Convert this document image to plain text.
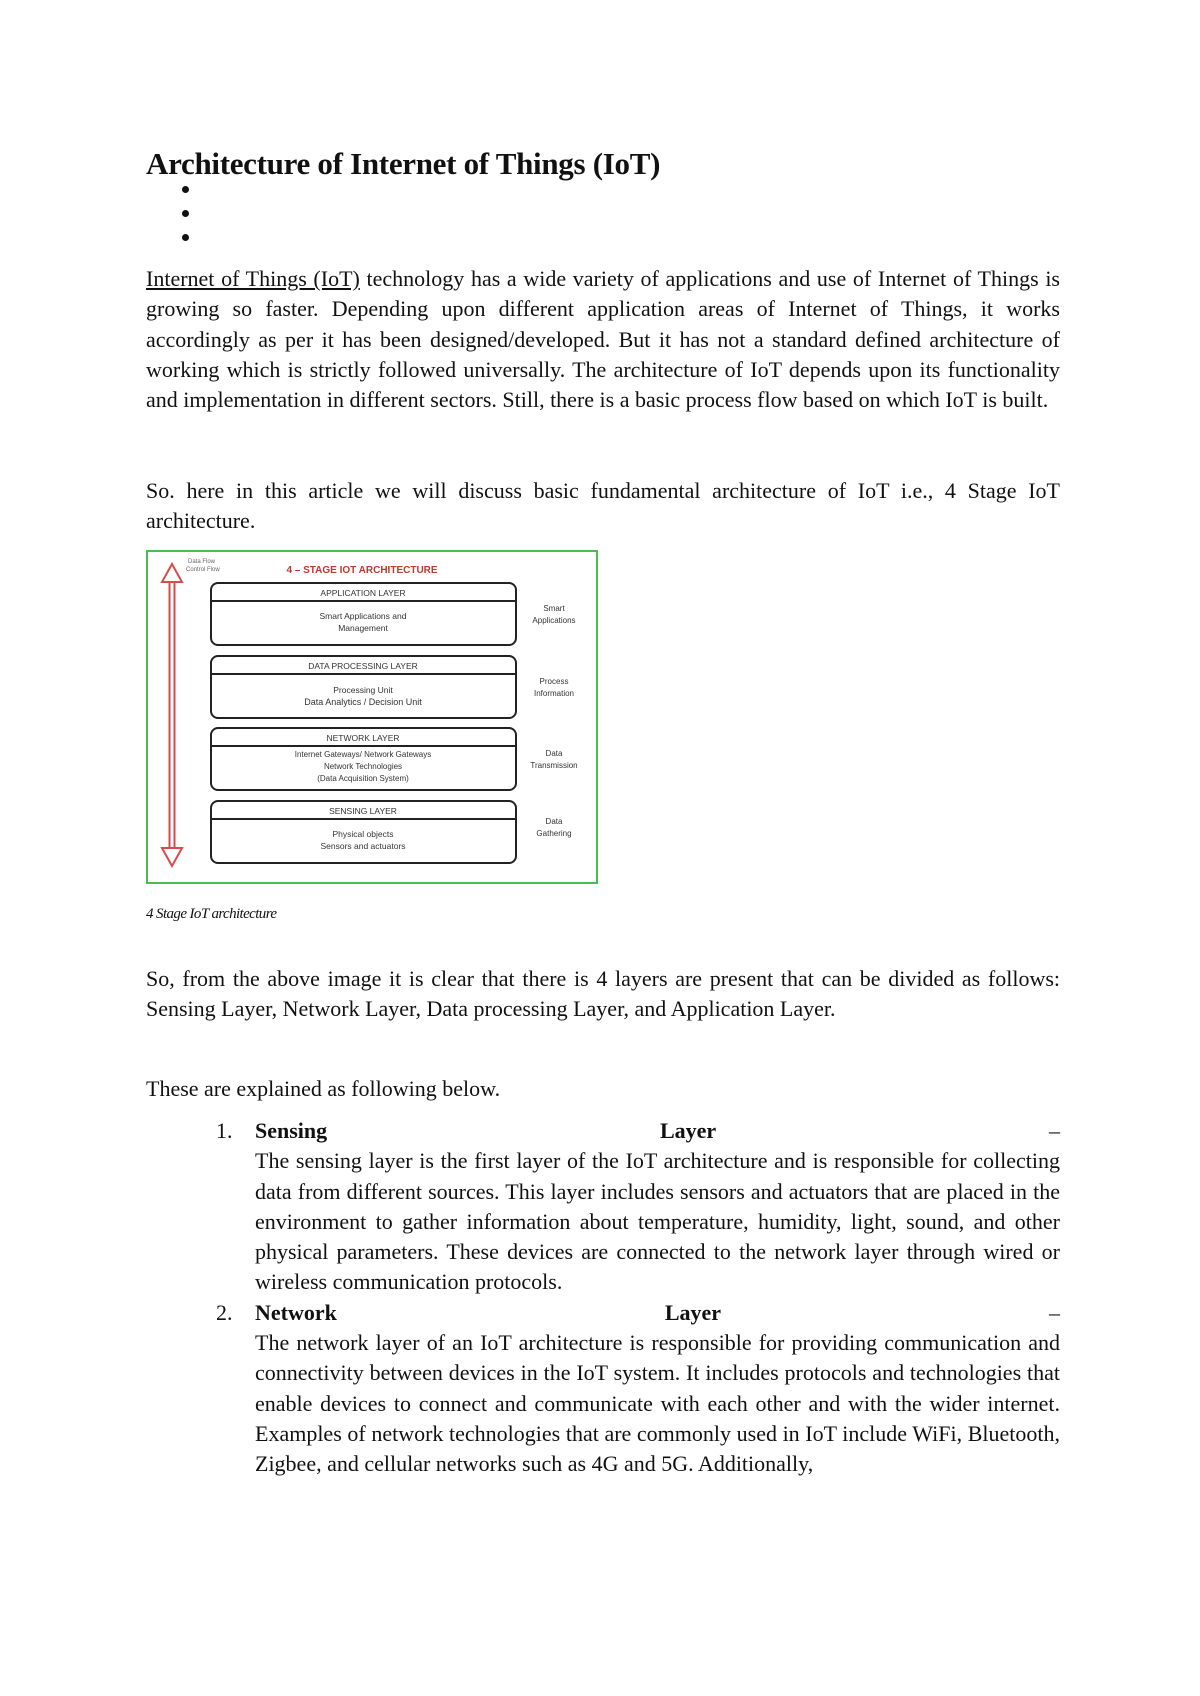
Architecture of Internet of Things (IoT)

Internet of Things (IoT) technology has a wide variety of applications and use of Internet of Things is growing so faster. Depending upon different application areas of Internet of Things, it works accordingly as per it has been designed/developed. But it has not a standard defined architecture of working which is strictly followed universally. The architecture of IoT depends upon its functionality and implementation in different sectors. Still, there is a basic process flow based on which IoT is built.

So. here in this article we will discuss basic fundamental architecture of IoT i.e., 4 Stage IoT architecture.

Data Flow
Control Flow	4 – STAGE IOT ARCHITECTURE
APPLICATION LAYER
Smart Applications and
Management
Smart
Applications
DATA PROCESSING LAYER
Processing Unit
Data Analytics / Decision Unit
Process
Information
NETWORK LAYER
Internet Gateways/ Network Gateways
Network Technologies
(Data Acquisition System)
Data
Transmission
SENSING LAYER
Physical objects
Sensors and actuators
Data
Gathering
4 Stage IoT architecture

So, from the above image it is clear that there is 4 layers are present that can be divided as follows: Sensing Layer, Network Layer, Data processing Layer, and Application Layer.

These are explained as following below.

1. Sensing	Layer	–
The sensing layer is the first layer of the IoT architecture and is responsible for collecting data from different sources. This layer includes sensors and actuators that are placed in the environment to gather information about temperature, humidity, light, sound, and other physical parameters. These devices are connected to the network layer through wired or wireless communication protocols.
2. Network	Layer	–
The network layer of an IoT architecture is responsible for providing communication and connectivity between devices in the IoT system. It includes protocols and technologies that enable devices to connect and communicate with each other and with the wider internet. Examples of network technologies that are commonly used in IoT include WiFi, Bluetooth, Zigbee, and cellular networks such as 4G and 5G. Additionally,
